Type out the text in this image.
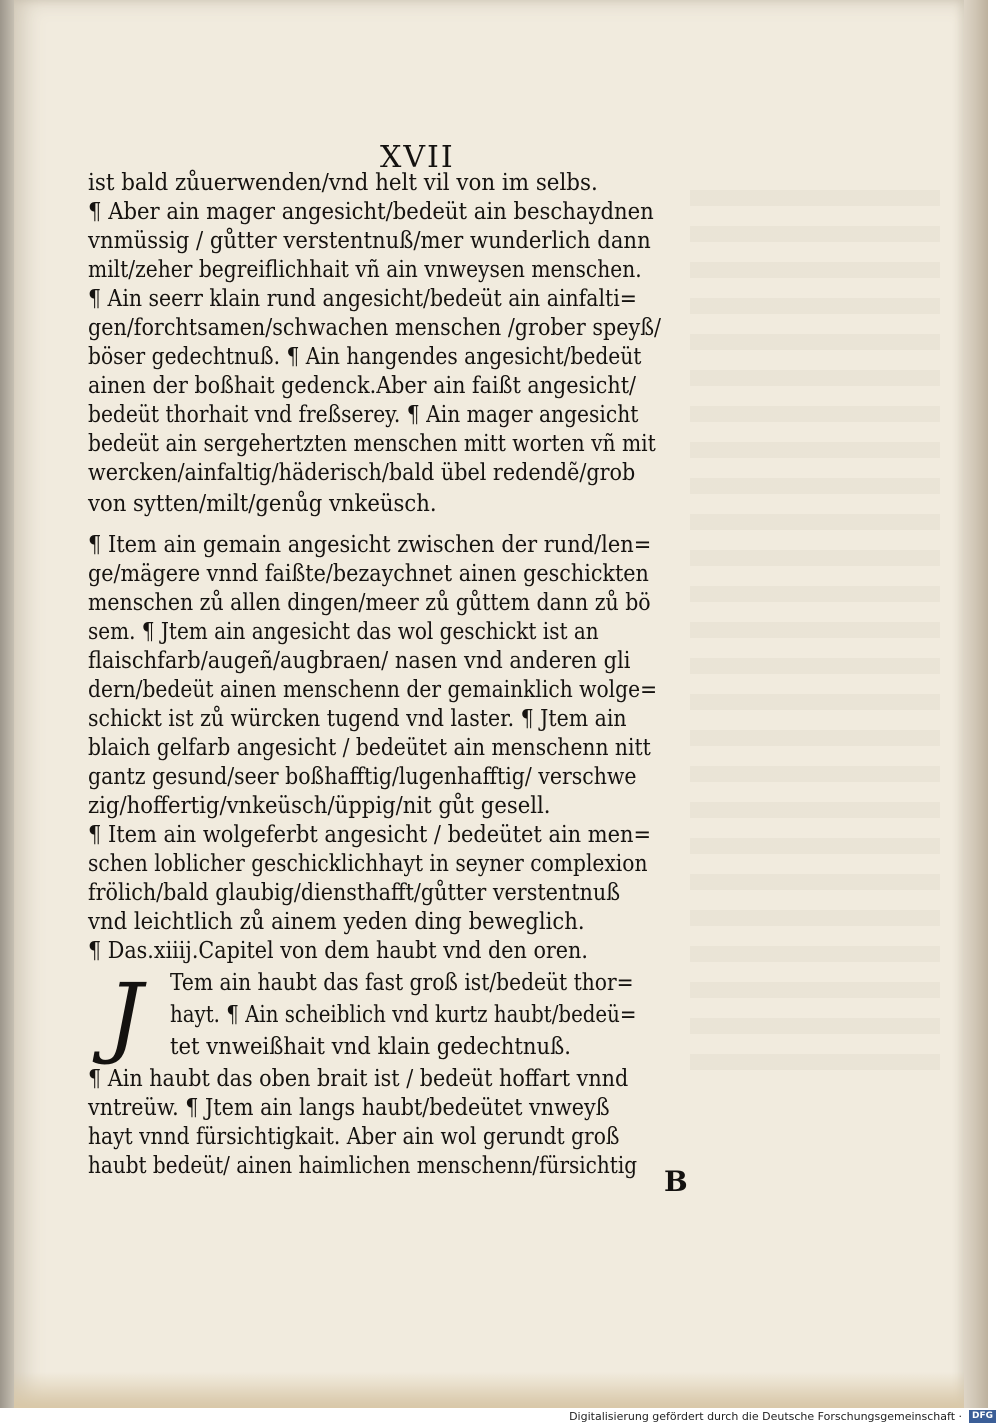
XVII
ist bald zůuerwenden/vnd helt vil von im selbs.
¶ Aber ain mager angesicht/bedeüt ain beschaydnen
vnmüssig / gůtter verstentnuß/mer wunderlich dann
milt/zeher begreiflichhait vñ ain vnweysen menschen.
¶ Ain seerr klain rund angesicht/bedeüt ain ainfalti=
gen/forchtsamen/schwachen menschen /grober speyß/
böser gedechtnuß. ¶ Ain hangendes angesicht/bedeüt
ainen der boßhait gedenck.Aber ain faißt angesicht/
bedeüt thorhait vnd freßserey. ¶ Ain mager angesicht
bedeüt ain sergehertzten menschen mitt worten vñ mit
wercken/ainfaltig/häderisch/bald übel redendẽ/grob
von sytten/milt/genůg vnkeüsch.
¶ Item ain gemain angesicht zwischen der rund/len=
ge/mägere vnnd faißte/bezaychnet ainen geschickten
menschen zů allen dingen/meer zů gůttem dann zů bö
sem. ¶ Jtem ain angesicht das wol geschickt ist an
flaischfarb/augeñ/augbraen/ nasen vnd anderen gli
dern/bedeüt ainen menschenn der gemainklich wolge=
schickt ist zů würcken tugend vnd laster. ¶ Jtem ain
blaich gelfarb angesicht / bedeütet ain menschenn nitt
gantz gesund/seer boßhafftig/lugenhafftig/ verschwe
zig/hoffertig/vnkeüsch/üppig/nit gůt gesell.
¶ Item ain wolgeferbt angesicht / bedeütet ain men=
schen loblicher geschicklichhayt in seyner complexion
frölich/bald glaubig/diensthafft/gůtter verstentnuß
vnd leichtlich zů ainem yeden ding beweglich.
¶ Das.xiiij.Capitel von dem haubt vnd den oren.
J	Tem ain haubt das fast groß ist/bedeüt thor=
hayt. ¶ Ain scheiblich vnd kurtz haubt/bedeü=
tet vnweißhait vnd klain gedechtnuß.
¶ Ain haubt das oben brait ist / bedeüt hoffart vnnd
vntreüw. ¶ Jtem ain langs haubt/bedeütet vnweyß
hayt vnnd fürsichtigkait. Aber ain wol gerundt groß
haubt bedeüt/ ainen haimlichen menschenn/fürsichtig B
Digitalisierung gefördert durch die Deutsche Forschungsgemeinschaft ·	DFG
